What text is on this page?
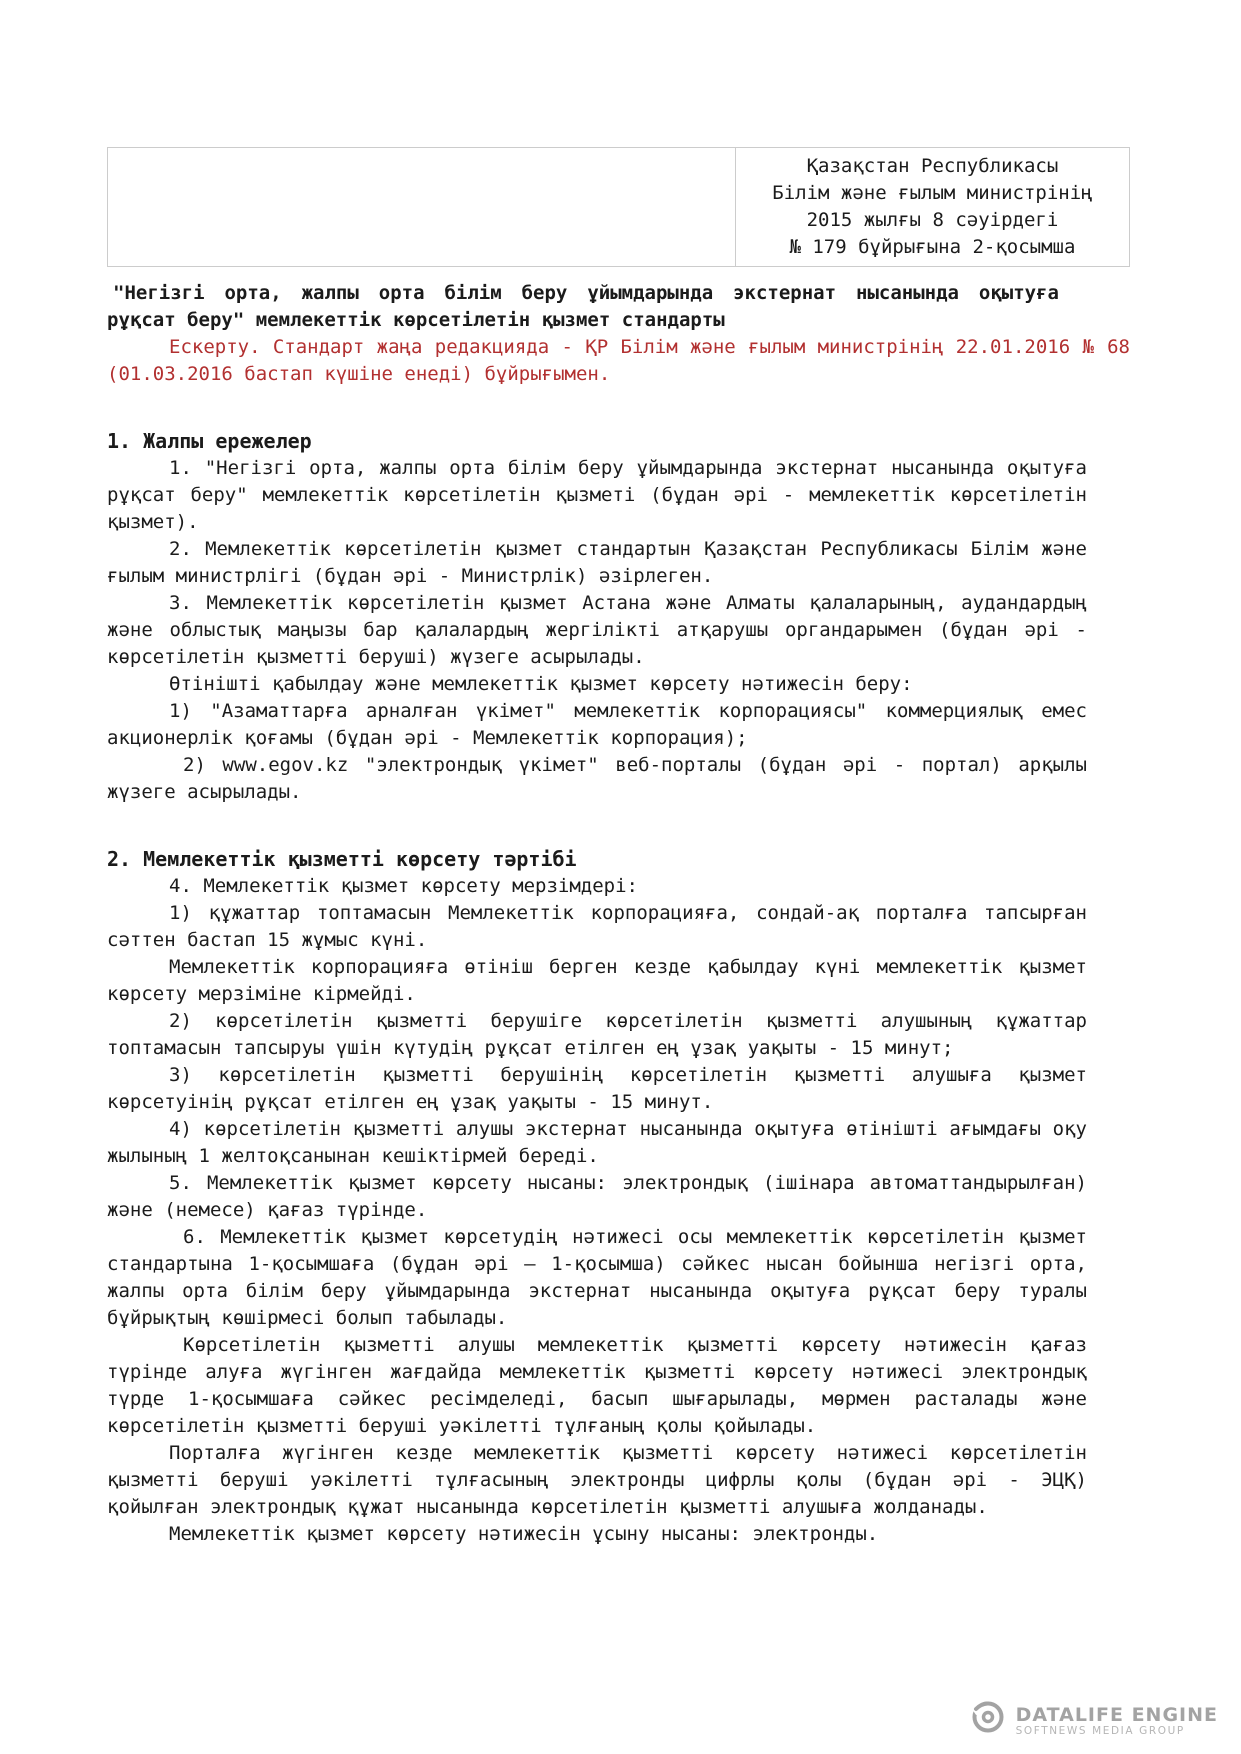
Қазақстан Республикасы
Білім және ғылым министрінің
2015 жылғы 8 сәуірдегі
№ 179 бұйрығына 2-қосымша
"Негізгі орта, жалпы орта білім беру ұйымдарында экстернат нысанында оқытуға рұқсат беру" мемлекеттік көрсетілетін қызмет стандарты
Ескерту. Стандарт жаңа редакцияда - ҚР Білім және ғылым министрінің 22.01.2016 № 68 (01.03.2016 бастап күшіне енеді) бұйрығымен.
1. Жалпы ережелер

1. "Негізгі орта, жалпы орта білім беру ұйымдарында экстернат нысанында оқытуға рұқсат беру" мемлекеттік көрсетілетін қызметі (бұдан әрі - мемлекеттік көрсетілетін қызмет).

2. Мемлекеттік көрсетілетін қызмет стандартын Қазақстан Республикасы Білім және ғылым министрлігі (бұдан әрі - Министрлік) әзірлеген.

3. Мемлекеттік көрсетілетін қызмет Астана және Алматы қалаларының, аудандардың және облыстық маңызы бар қалалардың жергілікті атқарушы органдарымен (бұдан әрі - көрсетілетін қызметті беруші) жүзеге асырылады.

Өтінішті қабылдау және мемлекеттік қызмет көрсету нәтижесін беру:

1) "Азаматтарға арналған үкімет" мемлекеттік корпорациясы" коммерциялық емес акционерлік қоғамы (бұдан әрі - Мемлекеттік корпорация);

2) www.egov.kz "электрондық үкімет" веб-порталы (бұдан әрі - портал) арқылы жүзеге асырылады.

2. Мемлекеттік қызметті көрсету тәртібі

4. Мемлекеттік қызмет көрсету мерзімдері:

1) құжаттар топтамасын Мемлекеттік корпорацияға, сондай-ақ порталға тапсырған сәттен бастап 15 жұмыс күні.

Мемлекеттік корпорацияға өтініш берген кезде қабылдау күні мемлекеттік қызмет көрсету мерзіміне кірмейді.

2) көрсетілетін қызметті берушіге көрсетілетін қызметті алушының құжаттар топтамасын тапсыруы үшін күтудің рұқсат етілген ең ұзақ уақыты - 15 минут;

3) көрсетілетін қызметті берушінің көрсетілетін қызметті алушыға қызмет көрсетуінің рұқсат етілген ең ұзақ уақыты - 15 минут.

4) көрсетілетін қызметті алушы экстернат нысанында оқытуға өтінішті ағымдағы оқу жылының 1 желтоқсанынан кешіктірмей береді.

5. Мемлекеттік қызмет көрсету нысаны: электрондық (ішінара автоматтандырылған) және (немесе) қағаз түрінде.

6. Мемлекеттік қызмет көрсетудің нәтижесі осы мемлекеттік көрсетілетін қызмет стандартына 1-қосымшаға (бұдан әрі – 1-қосымша) сәйкес нысан бойынша негізгі орта, жалпы орта білім беру ұйымдарында экстернат нысанында оқытуға рұқсат беру туралы бұйрықтың көшірмесі болып табылады.

Көрсетілетін қызметті алушы мемлекеттік қызметті көрсету нәтижесін қағаз түрінде алуға жүгінген жағдайда мемлекеттік қызметті көрсету нәтижесі электрондық түрде 1-қосымшаға сәйкес ресімделеді, басып шығарылады, мөрмен расталады және көрсетілетін қызметті беруші уәкілетті тұлғаның қолы қойылады.

Порталға жүгінген кезде мемлекеттік қызметті көрсету нәтижесі көрсетілетін қызметті беруші уәкілетті тұлғасының электронды цифрлы қолы (бұдан әрі - ЭЦҚ) қойылған электрондық құжат нысанында көрсетілетін қызметті алушыға жолданады.

Мемлекеттік қызмет көрсету нәтижесін ұсыну нысаны: электронды.

DATALIFE ENGINE
SOFTNEWS MEDIA GROUP
